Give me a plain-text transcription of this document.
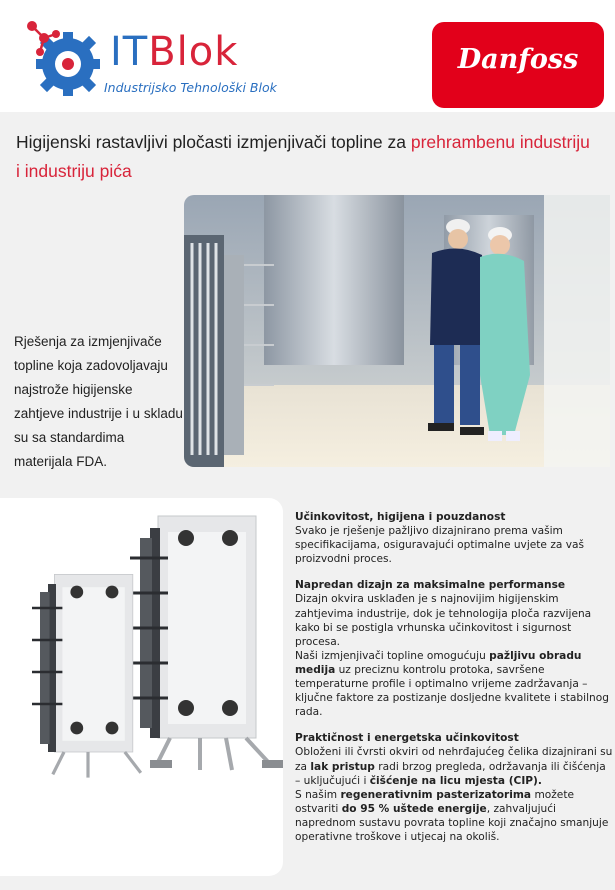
ITBlok
Industrijsko Tehnološki Blok
Danfoss
Higijenski rastavljivi pločasti izmjenjivači topline za prehrambenu industriju i industriju pića
Rješenja za izmjenjivače topline koja zadovoljavaju najstrože higijenske zahtjeve industrije i u skladu su sa standardima materijala FDA.

Učinkovitost, higijena i pouzdanost

Svako je rješenje pažljivo dizajnirano prema vašim specifikacijama, osiguravajući optimalne uvjete za vaš proizvodni proces.

Napredan dizajn za maksimalne performanse

Dizajn okvira usklađen je s najnovijim higijenskim zahtjevima industrije, dok je tehnologija ploča razvijena kako bi se postigla vrhunska učinkovitost i sigurnost procesa.

Naši izmjenjivači topline omogućuju pažljivu obradu medija uz preciznu kontrolu protoka, savršene temperaturne profile i optimalno vrijeme zadržavanja – ključne faktore za postizanje dosljedne kvalitete i stabilnog rada.

Praktičnost i energetska učinkovitost

Obloženi ili čvrsti okviri od nehrđajućeg čelika dizajnirani su za lak pristup radi brzog pregleda, održavanja ili čišćenja – uključujući i čišćenje na licu mjesta (CIP).

S našim regenerativnim pasterizatorima možete ostvariti do 95 % uštede energije, zahvaljujući naprednom sustavu povrata topline koji značajno smanjuje operativne troškove i utjecaj na okoliš.
